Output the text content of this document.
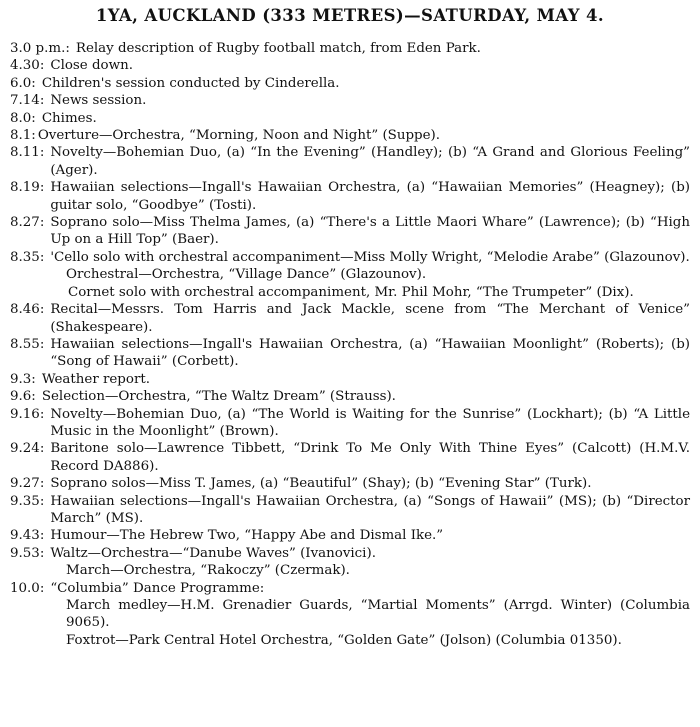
1YA, AUCKLAND (333 METRES)—SATURDAY, MAY 4.
3.0 p.m.: Relay description of Rugby football match, from Eden Park.
4.30: Close down.
6.0: Children's session conducted by Cinderella.
7.14: News session.
8.0: Chimes.
8.1: Overture—Orchestra, “Morning, Noon and Night” (Suppe).
8.11: Novelty—Bohemian Duo, (a) “In the Evening” (Handley); (b) “A Grand and Glorious Feeling” (Ager).
8.19: Hawaiian selections—Ingall's Hawaiian Orchestra, (a) “Hawaiian Memories” (Heagney); (b) guitar solo, “Goodbye” (Tosti).
8.27: Soprano solo—Miss Thelma James, (a) “There's a Little Maori Whare” (Lawrence); (b) “High Up on a Hill Top” (Baer).
8.35: 'Cello solo with orchestral accompaniment—Miss Molly Wright, “Melodie Arabe” (Glazounov).
Orchestral—Orchestra, “Village Dance” (Glazounov).
Cornet solo with orchestral accompaniment, Mr. Phil Mohr, “The Trumpeter” (Dix).
8.46: Recital—Messrs. Tom Harris and Jack Mackle, scene from “The Merchant of Venice” (Shakespeare).
8.55: Hawaiian selections—Ingall's Hawaiian Orchestra, (a) “Hawaiian Moonlight” (Roberts); (b) “Song of Hawaii” (Corbett).
9.3: Weather report.
9.6: Selection—Orchestra, “The Waltz Dream” (Strauss).
9.16: Novelty—Bohemian Duo, (a) “The World is Waiting for the Sunrise” (Lockhart); (b) “A Little Music in the Moonlight” (Brown).
9.24: Baritone solo—Lawrence Tibbett, “Drink To Me Only With Thine Eyes” (Calcott) (H.M.V. Record DA886).
9.27: Soprano solos—Miss T. James, (a) “Beautiful” (Shay); (b) “Evening Star” (Turk).
9.35: Hawaiian selections—Ingall's Hawaiian Orchestra, (a) “Songs of Hawaii” (MS); (b) “Director March” (MS).
9.43: Humour—The Hebrew Two, “Happy Abe and Dismal Ike.”
9.53: Waltz—Orchestra—“Danube Waves” (Ivanovici).
March—Orchestra, “Rakoczy” (Czermak).
10.0: “Columbia” Dance Programme:
March medley—H.M. Grenadier Guards, “Martial Moments” (Arrgd. Winter) (Columbia 9065).
Foxtrot—Park Central Hotel Orchestra, “Golden Gate” (Jolson) (Columbia 01350).
